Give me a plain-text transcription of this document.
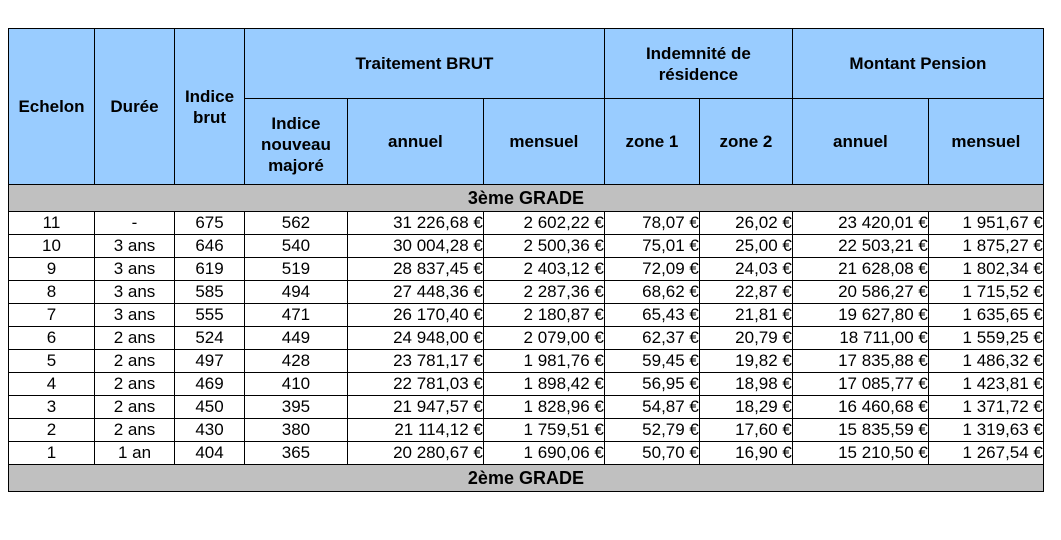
Echelon	Durée	Indice brut	Traitement BRUT			Indemnité de résidence		Montant Pension	
			Indice nouveau majoré	annuel	mensuel	zone 1	zone 2	annuel	mensuel
3ème GRADE									
11	-	675	562	31 226,68 €	2 602,22 €	78,07 €	26,02 €	23 420,01 €	1 951,67 €
10	3 ans	646	540	30 004,28 €	2 500,36 €	75,01 €	25,00 €	22 503,21 €	1 875,27 €
9	3 ans	619	519	28 837,45 €	2 403,12 €	72,09 €	24,03 €	21 628,08 €	1 802,34 €
8	3 ans	585	494	27 448,36 €	2 287,36 €	68,62 €	22,87 €	20 586,27 €	1 715,52 €
7	3 ans	555	471	26 170,40 €	2 180,87 €	65,43 €	21,81 €	19 627,80 €	1 635,65 €
6	2 ans	524	449	24 948,00 €	2 079,00 €	62,37 €	20,79 €	18 711,00 €	1 559,25 €
5	2 ans	497	428	23 781,17 €	1 981,76 €	59,45 €	19,82 €	17 835,88 €	1 486,32 €
4	2 ans	469	410	22 781,03 €	1 898,42 €	56,95 €	18,98 €	17 085,77 €	1 423,81 €
3	2 ans	450	395	21 947,57 €	1 828,96 €	54,87 €	18,29 €	16 460,68 €	1 371,72 €
2	2 ans	430	380	21 114,12 €	1 759,51 €	52,79 €	17,60 €	15 835,59 €	1 319,63 €
1	1 an	404	365	20 280,67 €	1 690,06 €	50,70 €	16,90 €	15 210,50 €	1 267,54 €
2ème GRADE									
